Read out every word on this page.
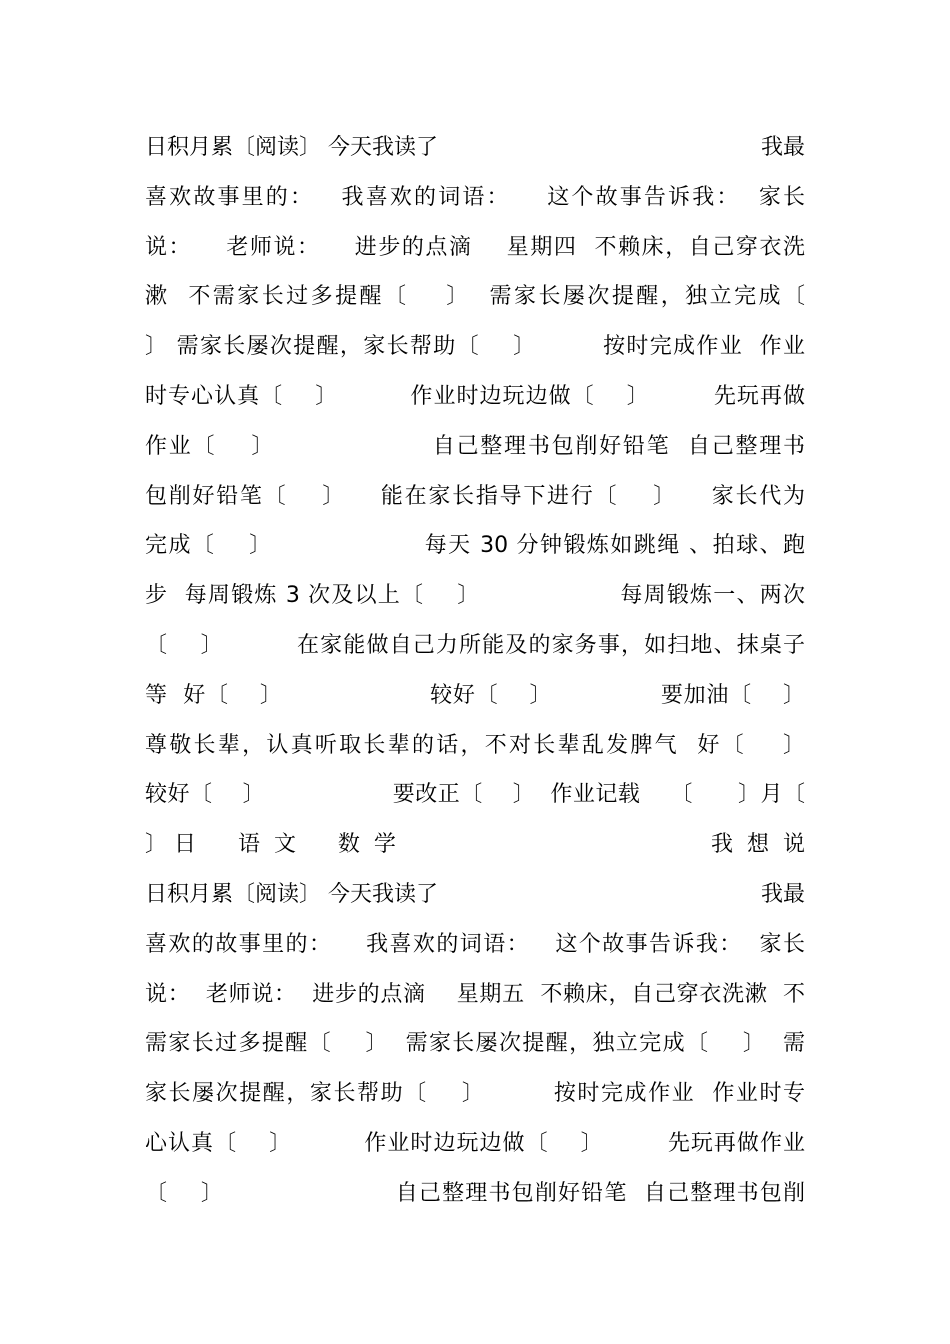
日积月累〔阅读〕 今天我读了	我最
喜欢故事里的：   我喜欢的词语：    这个故事告诉我：  家长
说：    老师说：    进步的点滴    星期四  不赖床，自己穿衣洗
漱  不需家长过多提醒〔    〕  需家长屡次提醒，独立完成〔
〕 需家长屡次提醒，家长帮助〔    〕        按时完成作业  作业
时专心认真〔    〕         作业时边玩边做〔    〕        先玩再做
作业〔    〕                  自己整理书包削好铅笔  自己整理书
包削好铅笔〔    〕    能在家长指导下进行〔    〕    家长代为
完成〔    〕                  每天 30 分钟锻炼如跳绳 、拍球、跑
步  每周锻炼 3 次及以上〔    〕                 每周锻炼一、两次
〔    〕         在家能做自己力所能及的家务事，如扫地、抹桌子
等  好〔    〕                   较好〔    〕              要加油〔    〕
尊敬长辈，认真听取长辈的话，不对长辈乱发脾气  好〔    〕
较好〔    〕                 要改正〔    〕  作业记载    〔      〕月〔
〕 日      语  文      数  学	我  想  说
日积月累〔阅读〕 今天我读了	我最
喜欢的故事里的：    我喜欢的词语：   这个故事告诉我：  家长
说：  老师说：  进步的点滴    星期五  不赖床，自己穿衣洗漱  不
需家长过多提醒〔    〕  需家长屡次提醒，独立完成〔    〕  需
家长屡次提醒，家长帮助〔    〕        按时完成作业  作业时专
心认真〔    〕         作业时边玩边做〔    〕        先玩再做作业
〔    〕                     自己整理书包削好铅笔  自己整理书包削
